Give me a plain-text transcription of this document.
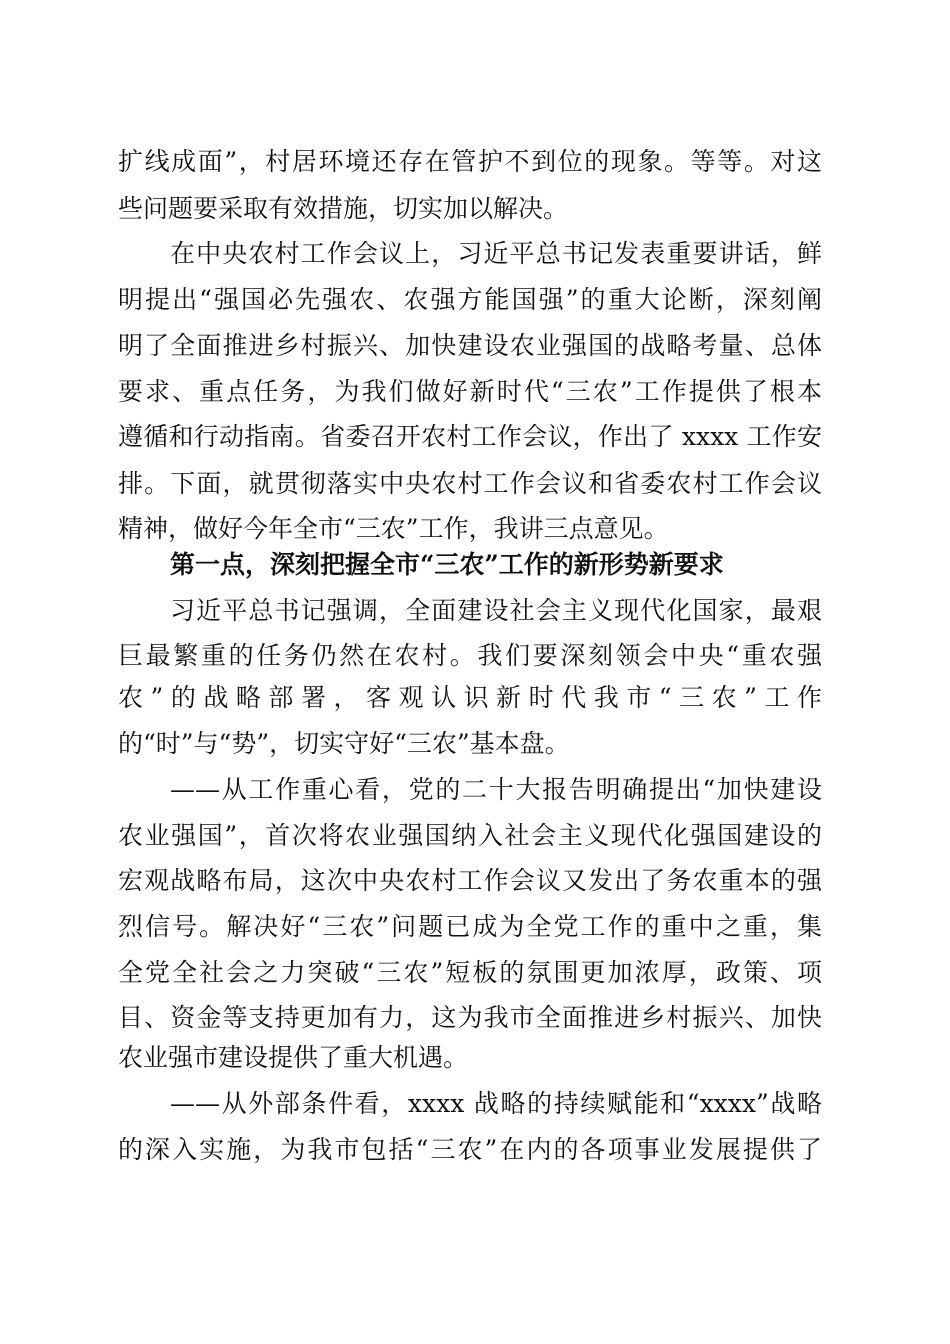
扩线成面”，村居环境还存在管护不到位的现象。等等。对这
些问题要采取有效措施，切实加以解决。
在中央农村工作会议上，习近平总书记发表重要讲话，鲜
明提出“强国必先强农、农强方能国强”的重大论断，深刻阐
明了全面推进乡村振兴、加快建设农业强国的战略考量、总体
要求、重点任务，为我们做好新时代“三农”工作提供了根本
遵循和行动指南。省委召开农村工作会议，作出了 xxxx 工作安
排。下面，就贯彻落实中央农村工作会议和省委农村工作会议
精神，做好今年全市“三农”工作，我讲三点意见。
第一点，深刻把握全市“三农”工作的新形势新要求
习近平总书记强调，全面建设社会主义现代化国家，最艰
巨最繁重的任务仍然在农村。我们要深刻领会中央“重农强
农”的战略部署，客观认识新时代我市“三农”工作
的“时”与“势”，切实守好“三农”基本盘。
——从工作重心看，党的二十大报告明确提出“加快建设
农业强国”，首次将农业强国纳入社会主义现代化强国建设的
宏观战略布局，这次中央农村工作会议又发出了务农重本的强
烈信号。解决好“三农”问题已成为全党工作的重中之重，集
全党全社会之力突破“三农”短板的氛围更加浓厚，政策、项
目、资金等支持更加有力，这为我市全面推进乡村振兴、加快
农业强市建设提供了重大机遇。
——从外部条件看，xxxx 战略的持续赋能和“xxxx”战略
的深入实施，为我市包括“三农”在内的各项事业发展提供了
